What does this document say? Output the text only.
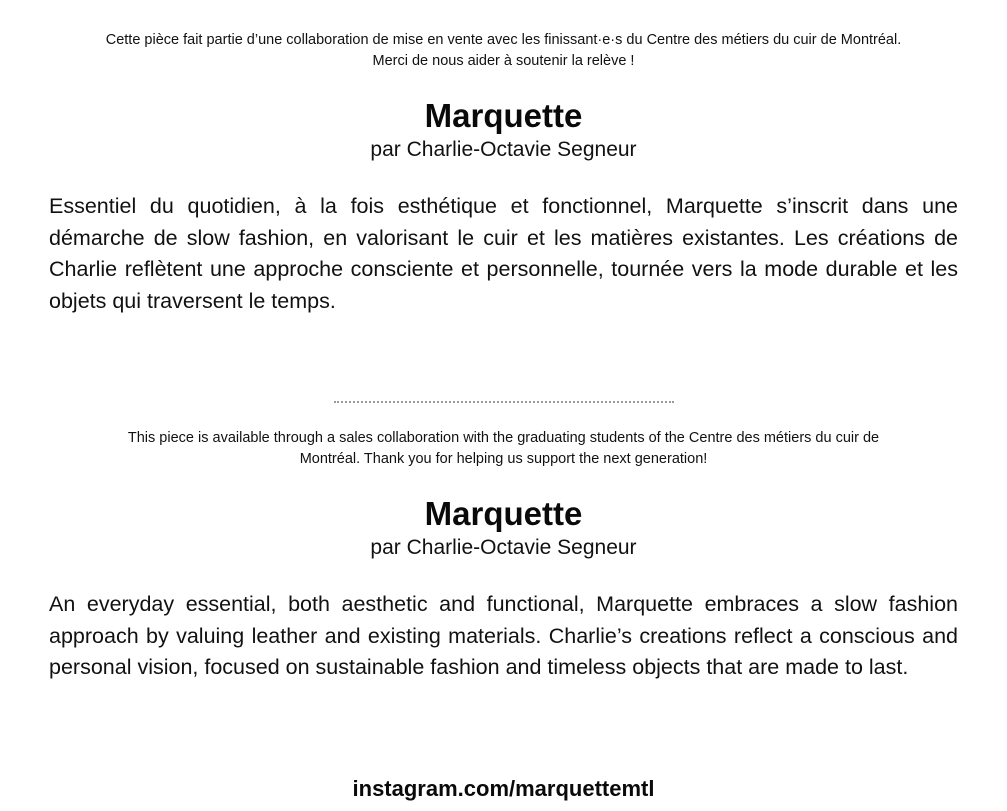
Cette pièce fait partie d’une collaboration de mise en vente avec les finissant·e·s du Centre des métiers du cuir de Montréal.
Merci de nous aider à soutenir la relève !

Marquette

par Charlie-Octavie Segneur

Essentiel du quotidien, à la fois esthétique et fonctionnel, Marquette s’inscrit dans une démarche de slow fashion, en valorisant le cuir et les matières existantes. Les créations de Charlie reflètent une approche consciente et personnelle, tournée vers la mode durable et les objets qui traversent le temps.

This piece is available through a sales collaboration with the graduating students of the Centre des métiers du cuir de
Montréal. Thank you for helping us support the next generation!

Marquette

par Charlie-Octavie Segneur

An everyday essential, both aesthetic and functional, Marquette embraces a slow fashion approach by valuing leather and existing materials. Charlie’s creations reflect a conscious and personal vision, focused on sustainable fashion and timeless objects that are made to last.

instagram.com/marquettemtl
